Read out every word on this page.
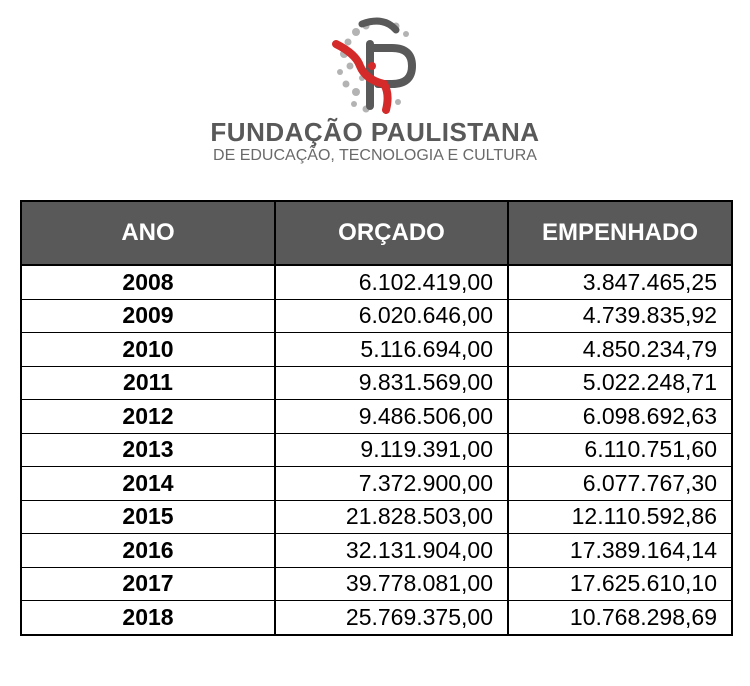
FUNDAÇÃO PAULISTANA
DE EDUCAÇÃO, TECNOLOGIA E CULTURA
ANO	ORÇADO	EMPENHADO
2008	6.102.419,00	3.847.465,25
2009	6.020.646,00	4.739.835,92
2010	5.116.694,00	4.850.234,79
2011	9.831.569,00	5.022.248,71
2012	9.486.506,00	6.098.692,63
2013	9.119.391,00	6.110.751,60
2014	7.372.900,00	6.077.767,30
2015	21.828.503,00	12.110.592,86
2016	32.131.904,00	17.389.164,14
2017	39.778.081,00	17.625.610,10
2018	25.769.375,00	10.768.298,69
